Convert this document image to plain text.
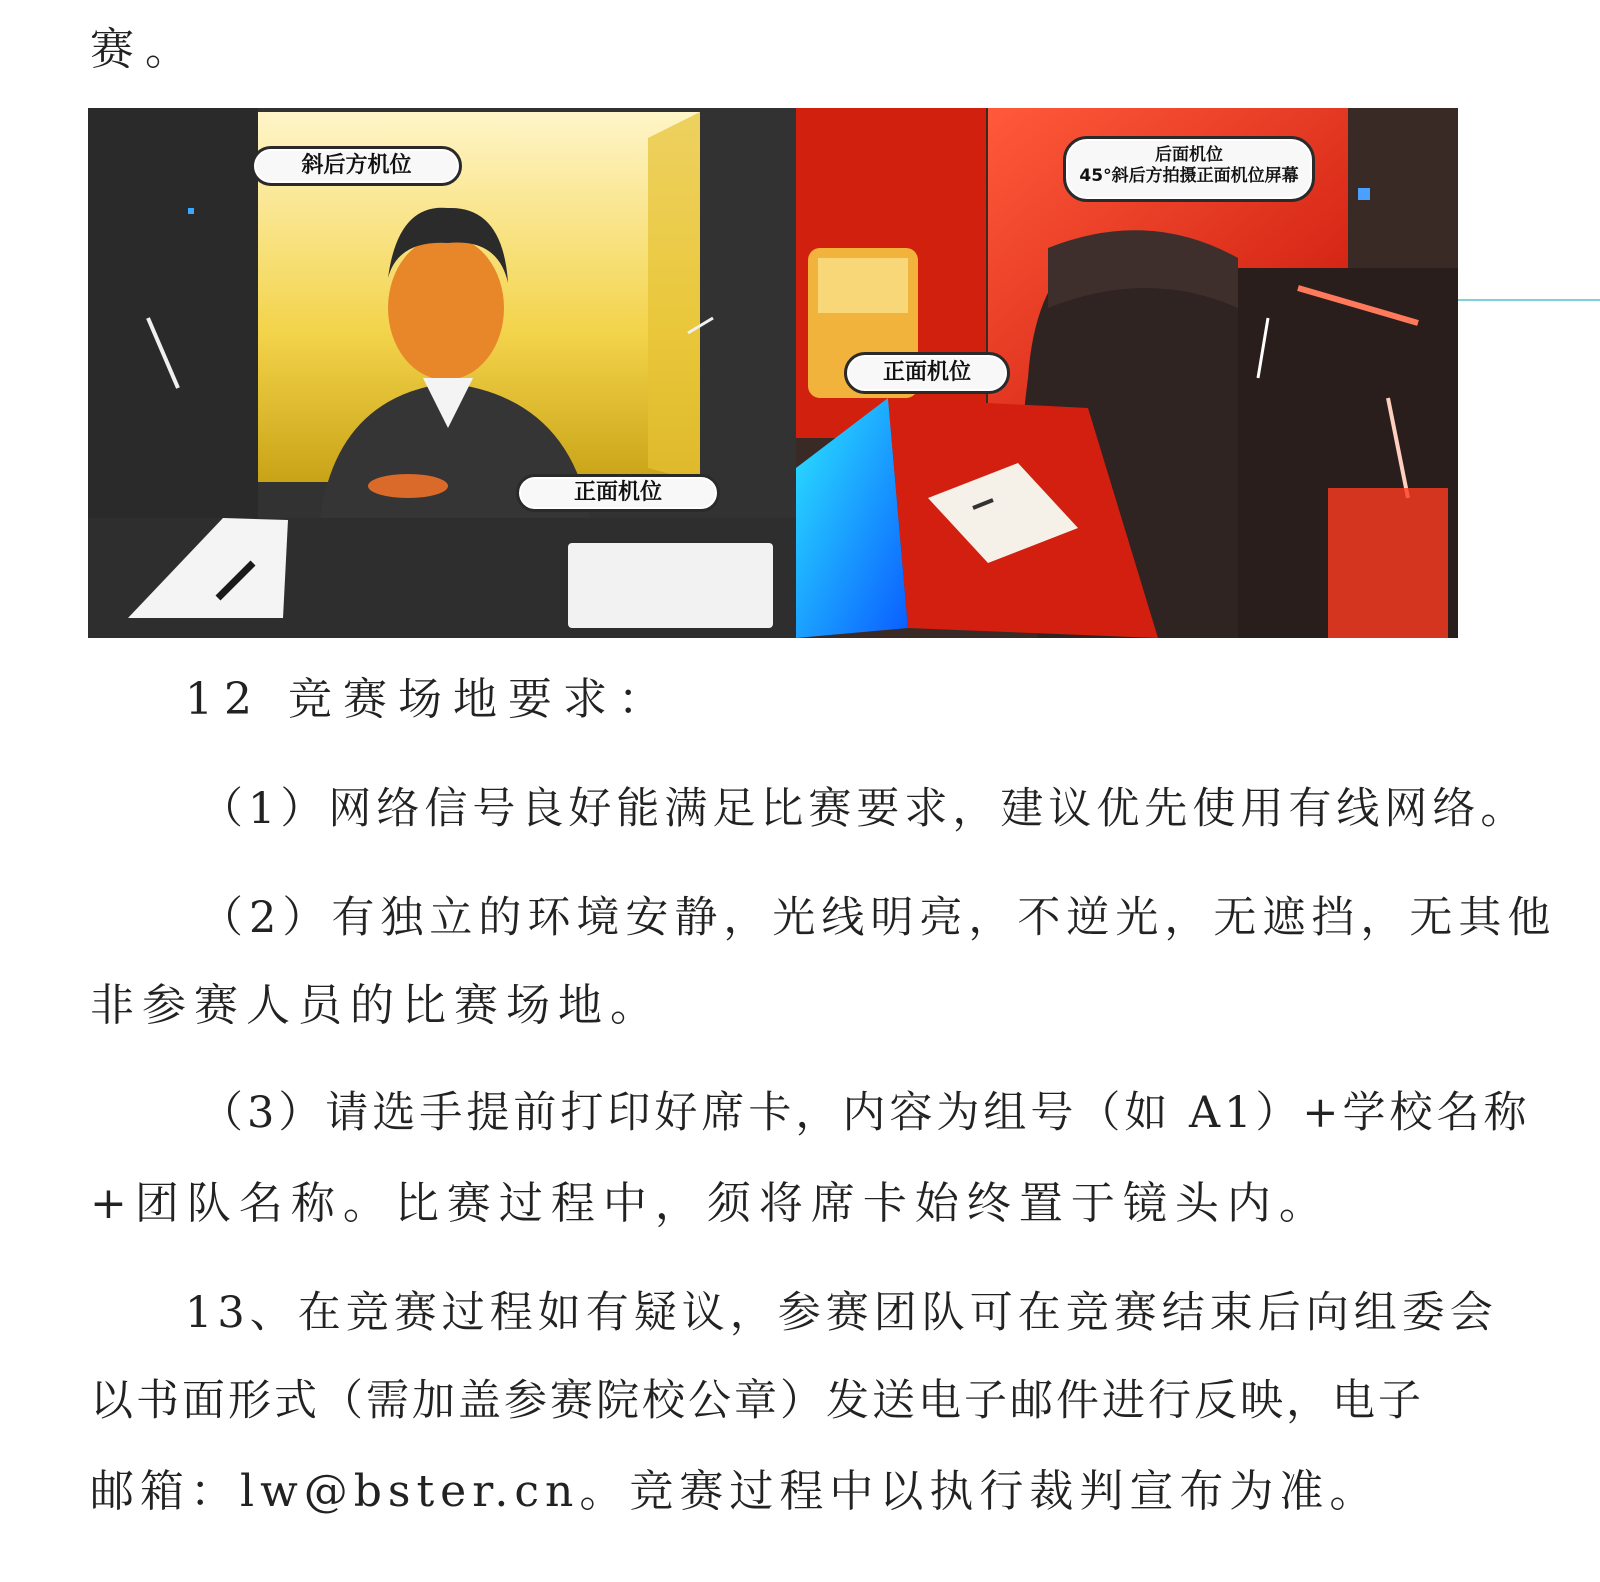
赛。
斜后方机位
正面机位
后面机位
45°斜后方拍摄正面机位屏幕
正面机位
12 竞赛场地要求：
（1）网络信号良好能满足比赛要求，建议优先使用有线网络。
（2）有独立的环境安静，光线明亮，不逆光，无遮挡，无其他
非参赛人员的比赛场地。
（3）请选手提前打印好席卡，内容为组号（如 A1）+学校名称
+团队名称。比赛过程中，须将席卡始终置于镜头内。
13、在竞赛过程如有疑议，参赛团队可在竞赛结束后向组委会
以书面形式（需加盖参赛院校公章）发送电子邮件进行反映，电子
邮箱：lw@bster.cn。竞赛过程中以执行裁判宣布为准。
